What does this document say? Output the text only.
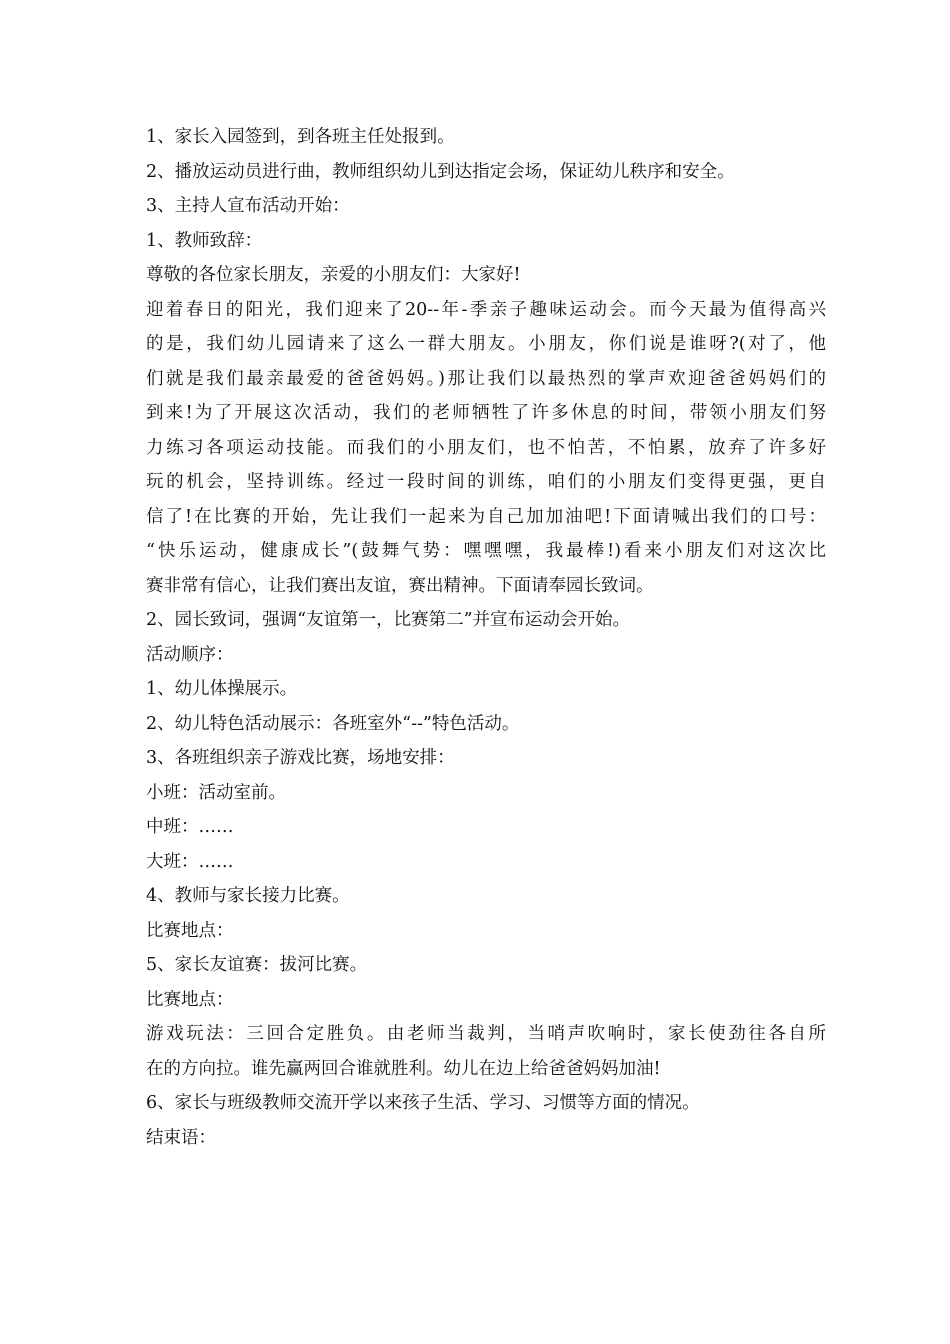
1、家长入园签到，到各班主任处报到。
2、播放运动员进行曲，教师组织幼儿到达指定会场，保证幼儿秩序和安全。
3、主持人宣布活动开始：
1、教师致辞：
尊敬的各位家长朋友，亲爱的小朋友们：大家好!
迎着春日的阳光，我们迎来了20--年-季亲子趣味运动会。而今天最为值得高兴
的是，我们幼儿园请来了这么一群大朋友。小朋友，你们说是谁呀?(对了，他
们就是我们最亲最爱的爸爸妈妈。)那让我们以最热烈的掌声欢迎爸爸妈妈们的
到来!为了开展这次活动，我们的老师牺牲了许多休息的时间，带领小朋友们努
力练习各项运动技能。而我们的小朋友们，也不怕苦，不怕累，放弃了许多好
玩的机会，坚持训练。经过一段时间的训练，咱们的小朋友们变得更强，更自
信了!在比赛的开始，先让我们一起来为自己加加油吧!下面请喊出我们的口号：
“快乐运动，健康成长”(鼓舞气势：嘿嘿嘿，我最棒!)看来小朋友们对这次比
赛非常有信心，让我们赛出友谊，赛出精神。下面请奉园长致词。
2、园长致词，强调“友谊第一，比赛第二”并宣布运动会开始。
活动顺序：
1、幼儿体操展示。
2、幼儿特色活动展示：各班室外“--”特色活动。
3、各班组织亲子游戏比赛，场地安排：
小班：活动室前。
中班：……
大班：……
4、教师与家长接力比赛。
比赛地点：
5、家长友谊赛：拔河比赛。
比赛地点：
游戏玩法：三回合定胜负。由老师当裁判，当哨声吹响时，家长使劲往各自所
在的方向拉。谁先赢两回合谁就胜利。幼儿在边上给爸爸妈妈加油!
6、家长与班级教师交流开学以来孩子生活、学习、习惯等方面的情况。
结束语：
